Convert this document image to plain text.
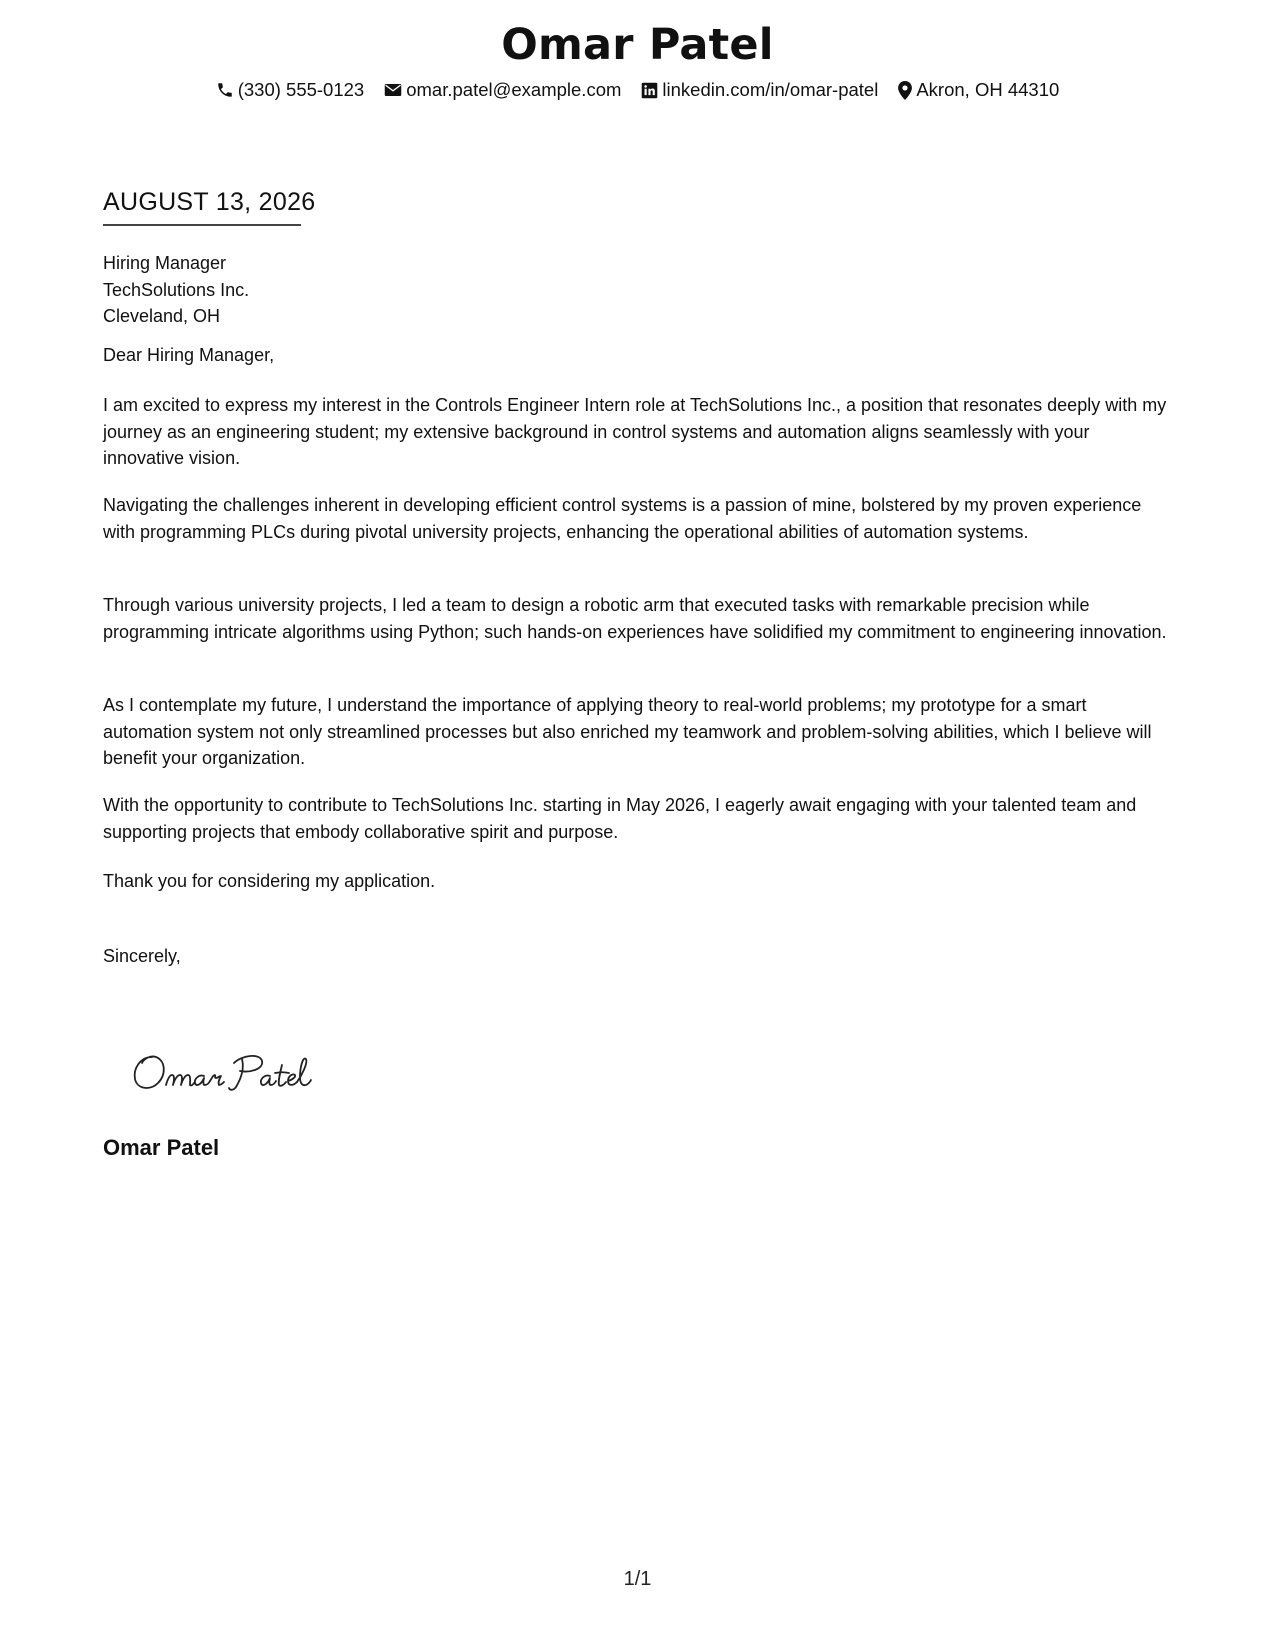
Omar Patel
(330) 555-0123 omar.patel@example.com linkedin.com/in/omar-patel Akron, OH 44310
AUGUST 13, 2026
Hiring Manager
TechSolutions Inc.
Cleveland, OH

Dear Hiring Manager,

I am excited to express my interest in the Controls Engineer Intern role at TechSolutions Inc., a position that resonates deeply with my journey as an engineering student; my extensive background in control systems and automation aligns seamlessly with your innovative vision.

Navigating the challenges inherent in developing efficient control systems is a passion of mine, bolstered by my proven experience with programming PLCs during pivotal university projects, enhancing the operational abilities of automation systems.

Through various university projects, I led a team to design a robotic arm that executed tasks with remarkable precision while programming intricate algorithms using Python; such hands-on experiences have solidified my commitment to engineering innovation.

As I contemplate my future, I understand the importance of applying theory to real-world problems; my prototype for a smart automation system not only streamlined processes but also enriched my teamwork and problem-solving abilities, which I believe will benefit your organization.

With the opportunity to contribute to TechSolutions Inc. starting in May 2026, I eagerly await engaging with your talented team and supporting projects that embody collaborative spirit and purpose.

Thank you for considering my application.

Sincerely,

Omar Patel
1/1
